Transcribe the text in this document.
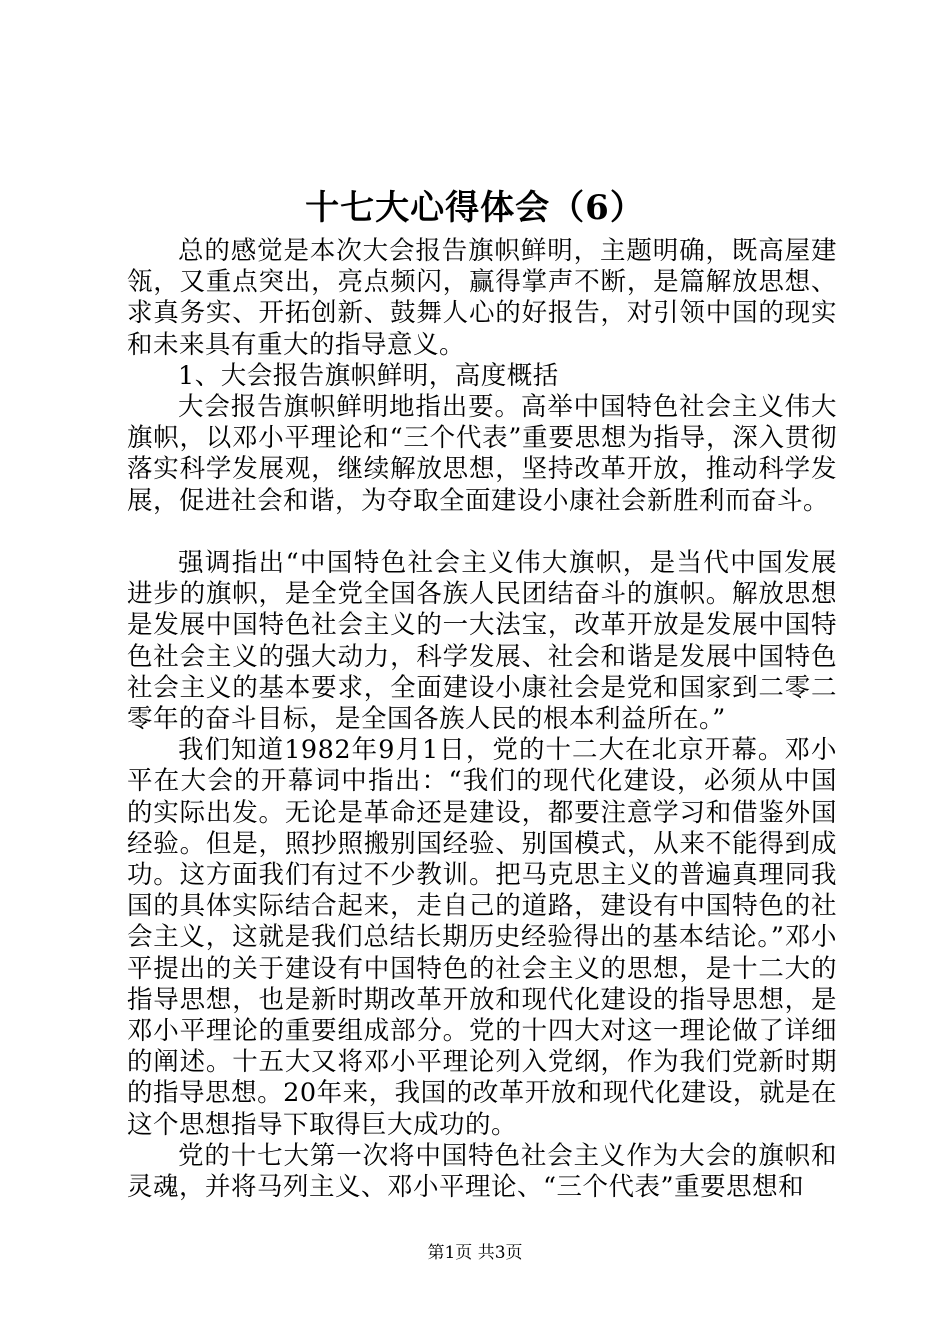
十七大心得体会（6）

总的感觉是本次大会报告旗帜鲜明，主题明确，既高屋建瓴，又重点突出，亮点频闪，赢得掌声不断，是篇解放思想、求真务实、开拓创新、鼓舞人心的好报告，对引领中国的现实和未来具有重大的指导意义。

1、大会报告旗帜鲜明，高度概括

大会报告旗帜鲜明地指出要。高举中国特色社会主义伟大旗帜，以邓小平理论和“三个代表”重要思想为指导，深入贯彻落实科学发展观，继续解放思想，坚持改革开放，推动科学发展，促进社会和谐，为夺取全面建设小康社会新胜利而奋斗。

强调指出“中国特色社会主义伟大旗帜，是当代中国发展进步的旗帜，是全党全国各族人民团结奋斗的旗帜。解放思想是发展中国特色社会主义的一大法宝，改革开放是发展中国特色社会主义的强大动力，科学发展、社会和谐是发展中国特色社会主义的基本要求，全面建设小康社会是党和国家到二零二零年的奋斗目标，是全国各族人民的根本利益所在。”

我们知道1982年9月1日，党的十二大在北京开幕。邓小平在大会的开幕词中指出：“我们的现代化建设，必须从中国的实际出发。无论是革命还是建设，都要注意学习和借鉴外国经验。但是，照抄照搬别国经验、别国模式，从来不能得到成功。这方面我们有过不少教训。把马克思主义的普遍真理同我国的具体实际结合起来，走自己的道路，建设有中国特色的社会主义，这就是我们总结长期历史经验得出的基本结论。”邓小平提出的关于建设有中国特色的社会主义的思想，是十二大的指导思想，也是新时期改革开放和现代化建设的指导思想，是邓小平理论的重要组成部分。党的十四大对这一理论做了详细的阐述。十五大又将邓小平理论列入党纲，作为我们党新时期的指导思想。20年来，我国的改革开放和现代化建设，就是在这个思想指导下取得巨大成功的。

党的十七大第一次将中国特色社会主义作为大会的旗帜和灵魂，并将马列主义、邓小平理论、“三个代表”重要思想和

第1页 共3页
